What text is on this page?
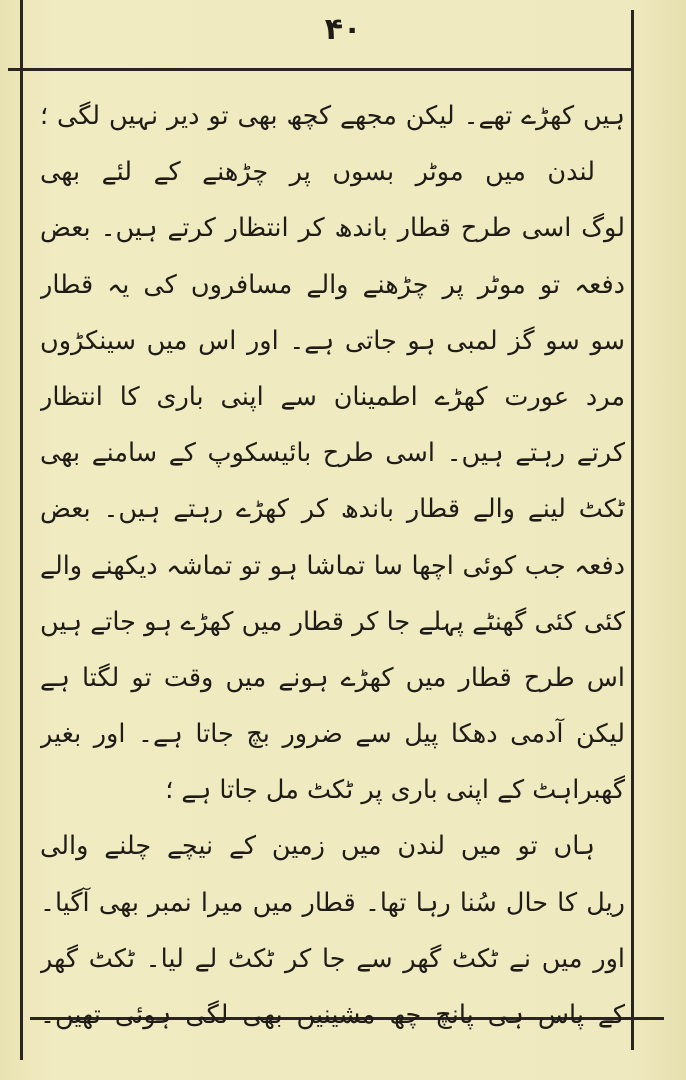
۴۰
ہیں کھڑے تھے۔ لیکن مجھے کچھ بھی تو دیر نہیں لگی ؛
لندن میں موٹر بسوں پر چڑھنے کے لئے بھی
لوگ اسی طرح قطار باندھ کر انتظار کرتے ہیں۔ بعض
دفعہ تو موٹر پر چڑھنے والے مسافروں کی یہ قطار
سو سو گز لمبی ہو جاتی ہے۔ اور اس میں سینکڑوں
مرد عورت کھڑے اطمینان سے اپنی باری کا انتظار
کرتے رہتے ہیں۔ اسی طرح بائیسکوپ کے سامنے بھی
ٹکٹ لینے والے قطار باندھ کر کھڑے رہتے ہیں۔ بعض
دفعہ جب کوئی اچھا سا تماشا ہو تو تماشہ دیکھنے والے
کئی کئی گھنٹے پہلے جا کر قطار میں کھڑے ہو جاتے ہیں
اس طرح قطار میں کھڑے ہونے میں وقت تو لگتا ہے
لیکن آدمی دھکا پیل سے ضرور بچ جاتا ہے۔ اور بغیر
گھبراہٹ کے اپنی باری پر ٹکٹ مل جاتا ہے ؛
ہاں تو میں لندن میں زمین کے نیچے چلنے والی
ریل کا حال سُنا رہا تھا۔ قطار میں میرا نمبر بھی آگیا۔
اور میں نے ٹکٹ گھر سے جا کر ٹکٹ لے لیا۔ ٹکٹ گھر
کے پاس ہی پانچ چھ مشینیں بھی لگی ہوئی تھیں۔
